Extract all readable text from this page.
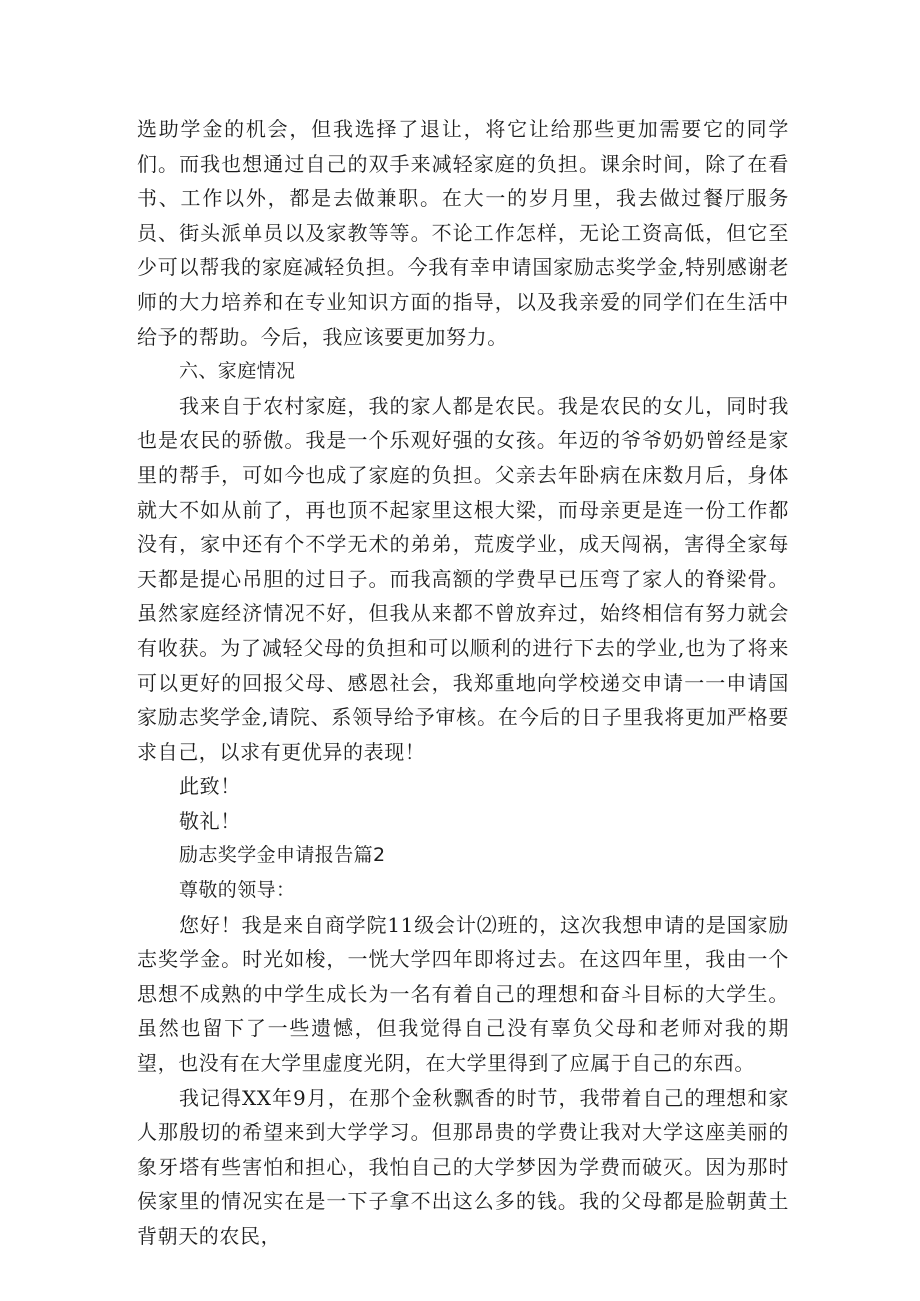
选助学金的机会，但我选择了退让，将它让给那些更加需要它的同学们。而我也想通过自己的双手来减轻家庭的负担。课余时间，除了在看书、工作以外，都是去做兼职。在大一的岁月里，我去做过餐厅服务员、街头派单员以及家教等等。不论工作怎样，无论工资高低，但它至少可以帮我的家庭减轻负担。今我有幸申请国家励志奖学金,特别感谢老师的大力培养和在专业知识方面的指导，以及我亲爱的同学们在生活中给予的帮助。今后，我应该要更加努力。

六、家庭情况

我来自于农村家庭，我的家人都是农民。我是农民的女儿，同时我也是农民的骄傲。我是一个乐观好强的女孩。年迈的爷爷奶奶曾经是家里的帮手，可如今也成了家庭的负担。父亲去年卧病在床数月后，身体就大不如从前了，再也顶不起家里这根大梁，而母亲更是连一份工作都没有，家中还有个不学无术的弟弟，荒废学业，成天闯祸，害得全家每天都是提心吊胆的过日子。而我高额的学费早已压弯了家人的脊梁骨。虽然家庭经济情况不好，但我从来都不曾放弃过，始终相信有努力就会有收获。为了减轻父母的负担和可以顺利的进行下去的学业,也为了将来可以更好的回报父母、感恩社会，我郑重地向学校递交申请一一申请国家励志奖学金,请院、系领导给予审核。在今后的日子里我将更加严格要求自己，以求有更优异的表现！

此致！

敬礼！

励志奖学金申请报告篇2

尊敬的领导：

您好！我是来自商学院11级会计⑵班的，这次我想申请的是国家励志奖学金。时光如梭，一恍大学四年即将过去。在这四年里，我由一个思想不成熟的中学生成长为一名有着自己的理想和奋斗目标的大学生。虽然也留下了一些遗憾，但我觉得自己没有辜负父母和老师对我的期望，也没有在大学里虚度光阴，在大学里得到了应属于自己的东西。

我记得XX年9月，在那个金秋飘香的时节，我带着自己的理想和家人那殷切的希望来到大学学习。但那昂贵的学费让我对大学这座美丽的象牙塔有些害怕和担心，我怕自己的大学梦因为学费而破灭。因为那时侯家里的情况实在是一下子拿不出这么多的钱。我的父母都是脸朝黄土背朝天的农民，
